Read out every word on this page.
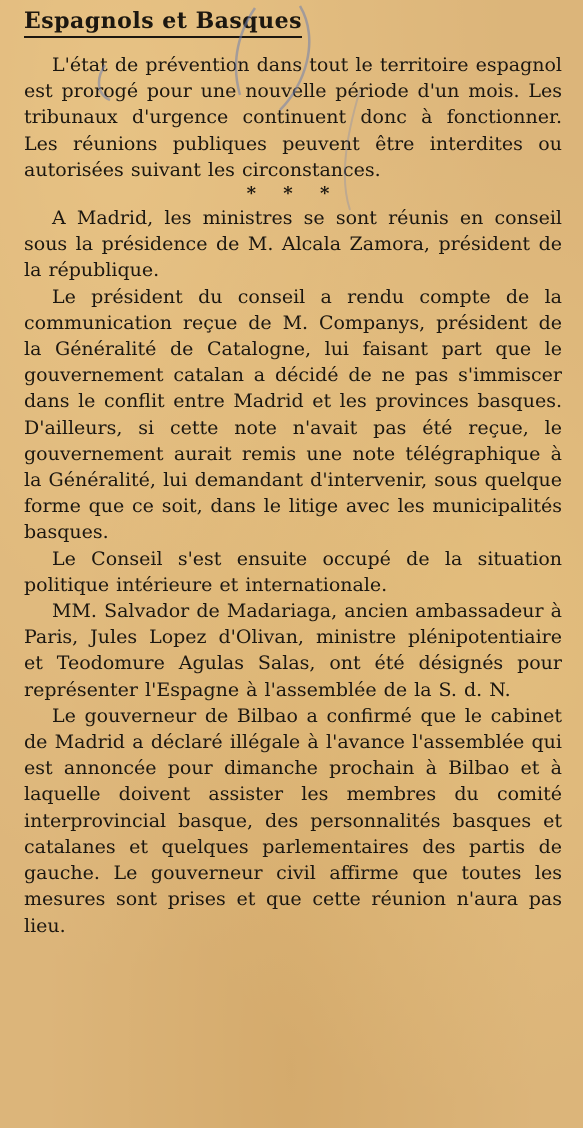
Espagnols et Basques

L'état de prévention dans tout le territoire espagnol est prorogé pour une nouvelle période d'un mois. Les tribunaux d'urgence continuent donc à fonctionner. Les réunions publiques peuvent être interdites ou autorisées suivant les circonstances.

* * *

A Madrid, les ministres se sont réunis en conseil sous la présidence de M. Alcala Zamora, président de la république.

Le président du conseil a rendu compte de la communication reçue de M. Companys, président de la Généralité de Catalogne, lui faisant part que le gouvernement catalan a décidé de ne pas s'immiscer dans le conflit entre Madrid et les provinces basques. D'ailleurs, si cette note n'avait pas été reçue, le gouvernement aurait remis une note télégraphique à la Généralité, lui demandant d'intervenir, sous quelque forme que ce soit, dans le litige avec les municipalités basques.

Le Conseil s'est ensuite occupé de la situation politique intérieure et internationale.

MM. Salvador de Madariaga, ancien ambassadeur à Paris, Jules Lopez d'Olivan, ministre plénipotentiaire et Teodomure Agulas Salas, ont été désignés pour représenter l'Espagne à l'assemblée de la S. d. N.

Le gouverneur de Bilbao a confirmé que le cabinet de Madrid a déclaré illégale à l'avance l'assemblée qui est annoncée pour dimanche prochain à Bilbao et à laquelle doivent assister les membres du comité interprovincial basque, des personnalités basques et catalanes et quelques parlementaires des partis de gauche. Le gouverneur civil affirme que toutes les mesures sont prises et que cette réunion n'aura pas lieu.
